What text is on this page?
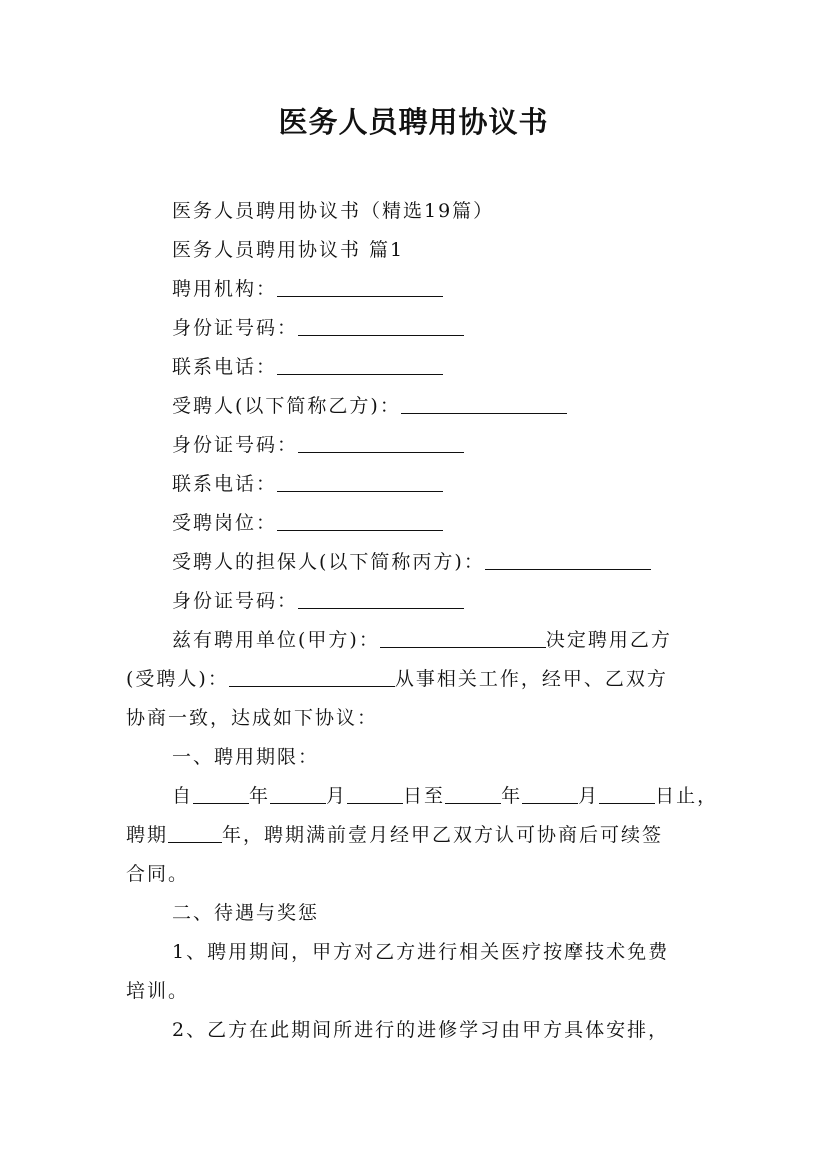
医务人员聘用协议书
医务人员聘用协议书（精选19篇）
医务人员聘用协议书 篇1
聘用机构：
身份证号码：
联系电话：
受聘人(以下简称乙方)：
身份证号码：
联系电话：
受聘岗位：
受聘人的担保人(以下简称丙方)：
身份证号码：
兹有聘用单位(甲方)：	决定聘用乙方
(受聘人)：	从事相关工作，经甲、乙双方
协商一致，达成如下协议：
一、聘用期限：
自	年	月	日至	年	月	日止，
聘期	年，聘期满前壹月经甲乙双方认可协商后可续签
合同。
二、待遇与奖惩
1、聘用期间，甲方对乙方进行相关医疗按摩技术免费
培训。
2、乙方在此期间所进行的进修学习由甲方具体安排，
